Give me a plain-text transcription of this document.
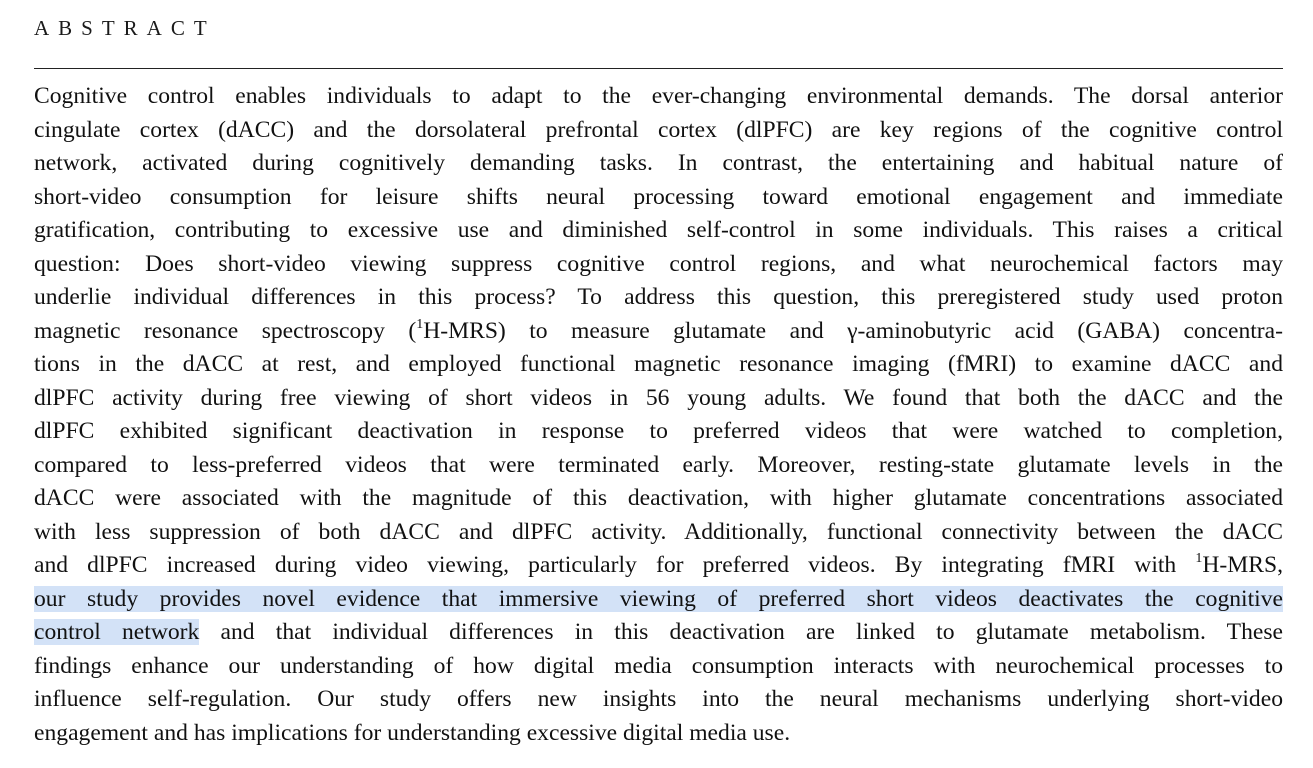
ABSTRACT
Cognitive control enables individuals to adapt to the ever-changing environmental demands. The dorsal anterior
cingulate cortex (dACC) and the dorsolateral prefrontal cortex (dlPFC) are key regions of the cognitive control
network, activated during cognitively demanding tasks. In contrast, the entertaining and habitual nature of
short-video consumption for leisure shifts neural processing toward emotional engagement and immediate
gratification, contributing to excessive use and diminished self-control in some individuals. This raises a critical
question: Does short-video viewing suppress cognitive control regions, and what neurochemical factors may
underlie individual differences in this process? To address this question, this preregistered study used proton
magnetic resonance spectroscopy ($^1$H-MRS) to measure glutamate and γ-aminobutyric acid (GABA) concentra-
tions in the dACC at rest, and employed functional magnetic resonance imaging (fMRI) to examine dACC and
dlPFC activity during free viewing of short videos in 56 young adults. We found that both the dACC and the
dlPFC exhibited significant deactivation in response to preferred videos that were watched to completion,
compared to less-preferred videos that were terminated early. Moreover, resting-state glutamate levels in the
dACC were associated with the magnitude of this deactivation, with higher glutamate concentrations associated
with less suppression of both dACC and dlPFC activity. Additionally, functional connectivity between the dACC
and dlPFC increased during video viewing, particularly for preferred videos. By integrating fMRI with $^1$H-MRS,
our study provides novel evidence that immersive viewing of preferred short videos deactivates the cognitive
control network and that individual differences in this deactivation are linked to glutamate metabolism. These
findings enhance our understanding of how digital media consumption interacts with neurochemical processes to
influence self-regulation. Our study offers new insights into the neural mechanisms underlying short-video
engagement and has implications for understanding excessive digital media use.
